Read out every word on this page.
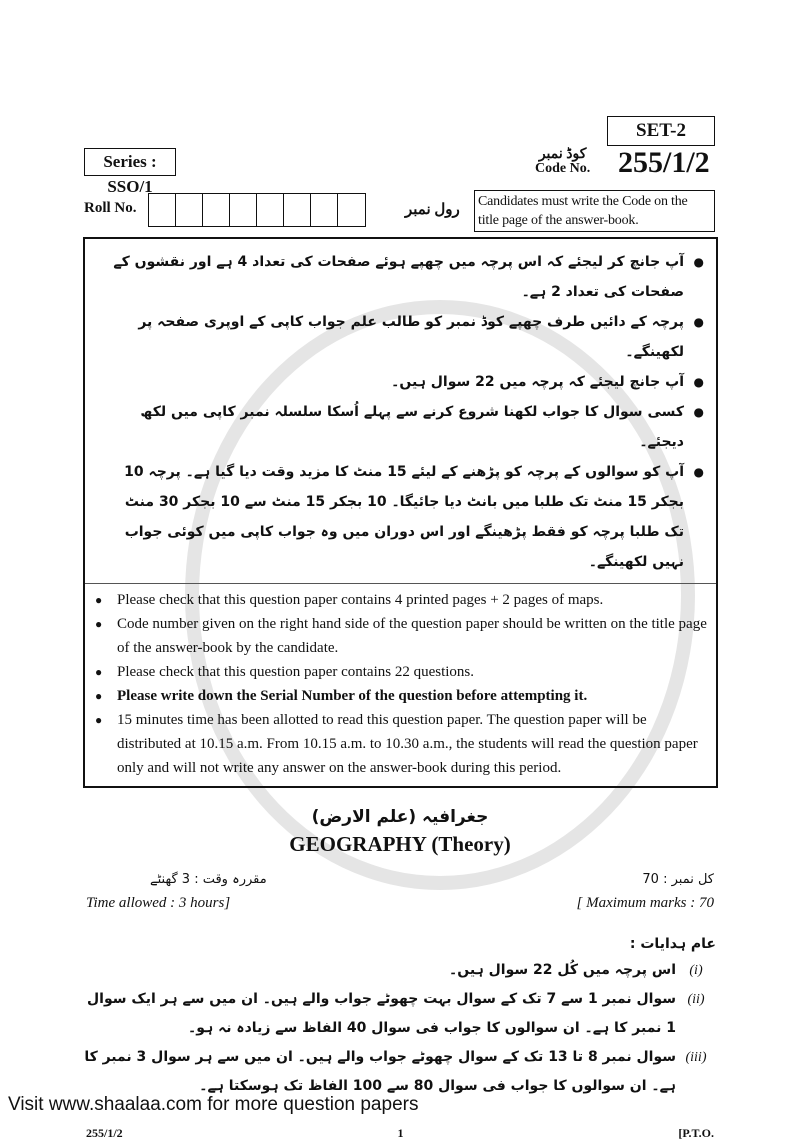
SET-2
Series : SSO/1
کوڈ نمبر
Code No. 255/1/2
Roll No.	رول نمبر
Candidates must write the Code on the title page of the answer-book.
● آپ جانچ کر لیجئے کہ اس پرچہ میں چھپے ہوئے صفحات کی تعداد 4 ہے اور نقشوں کے صفحات کی تعداد 2 ہے۔
● پرچہ کے دائیں طرف چھپے کوڈ نمبر کو طالب علم جواب کاپی کے اوپری صفحہ پر لکھینگے۔
● آپ جانچ لیجئے کہ پرچہ میں 22 سوال ہیں۔
● کسی سوال کا جواب لکھنا شروع کرنے سے پہلے اُسکا سلسلہ نمبر کاپی میں لکھ دیجئے۔
● آپ کو سوالوں کے پرچہ کو پڑھنے کے لیئے 15 منٹ کا مزید وقت دیا گیا ہے۔ پرچہ 10 بجکر 15 منٹ تک طلبا میں بانٹ دیا جائیگا۔ 10 بجکر 15 منٹ سے 10 بجکر 30 منٹ تک طلبا پرچہ کو فقط پڑھینگے اور اس دوران میں وہ جواب کاپی میں کوئی جواب نہیں لکھینگے۔
● Please check that this question paper contains 4 printed pages + 2 pages of maps.
● Code number given on the right hand side of the question paper should be written on the title page of the answer-book by the candidate.
● Please check that this question paper contains 22 questions.
● Please write down the Serial Number of the question before attempting it.
● 15 minutes time has been allotted to read this question paper. The question paper will be distributed at 10.15 a.m. From 10.15 a.m. to 10.30 a.m., the students will read the question paper only and will not write any answer on the answer-book during this period.
جغرافیہ (علم الارض)
GEOGRAPHY (Theory)
مقررہ وقت : 3 گھنٹے	کل نمبر : 70
Time allowed : 3 hours]	[ Maximum marks : 70
عام ہدایات :
(i)
اس پرچہ میں کُل 22 سوال ہیں۔
(ii)
سوال نمبر 1 سے 7 تک کے سوال بہت چھوٹے جواب والے ہیں۔ ان میں سے ہر ایک سوال 1 نمبر کا ہے۔ ان سوالوں کا جواب فی سوال 40 الفاظ سے زیادہ نہ ہو۔
(iii)
سوال نمبر 8 تا 13 تک کے سوال چھوٹے جواب والے ہیں۔ ان میں سے ہر سوال 3 نمبر کا ہے۔ ان سوالوں کا جواب فی سوال 80 سے 100 الفاظ تک ہوسکتا ہے۔
255/1/2	1	[P.T.O.
Visit www.shaalaa.com for more question papers
